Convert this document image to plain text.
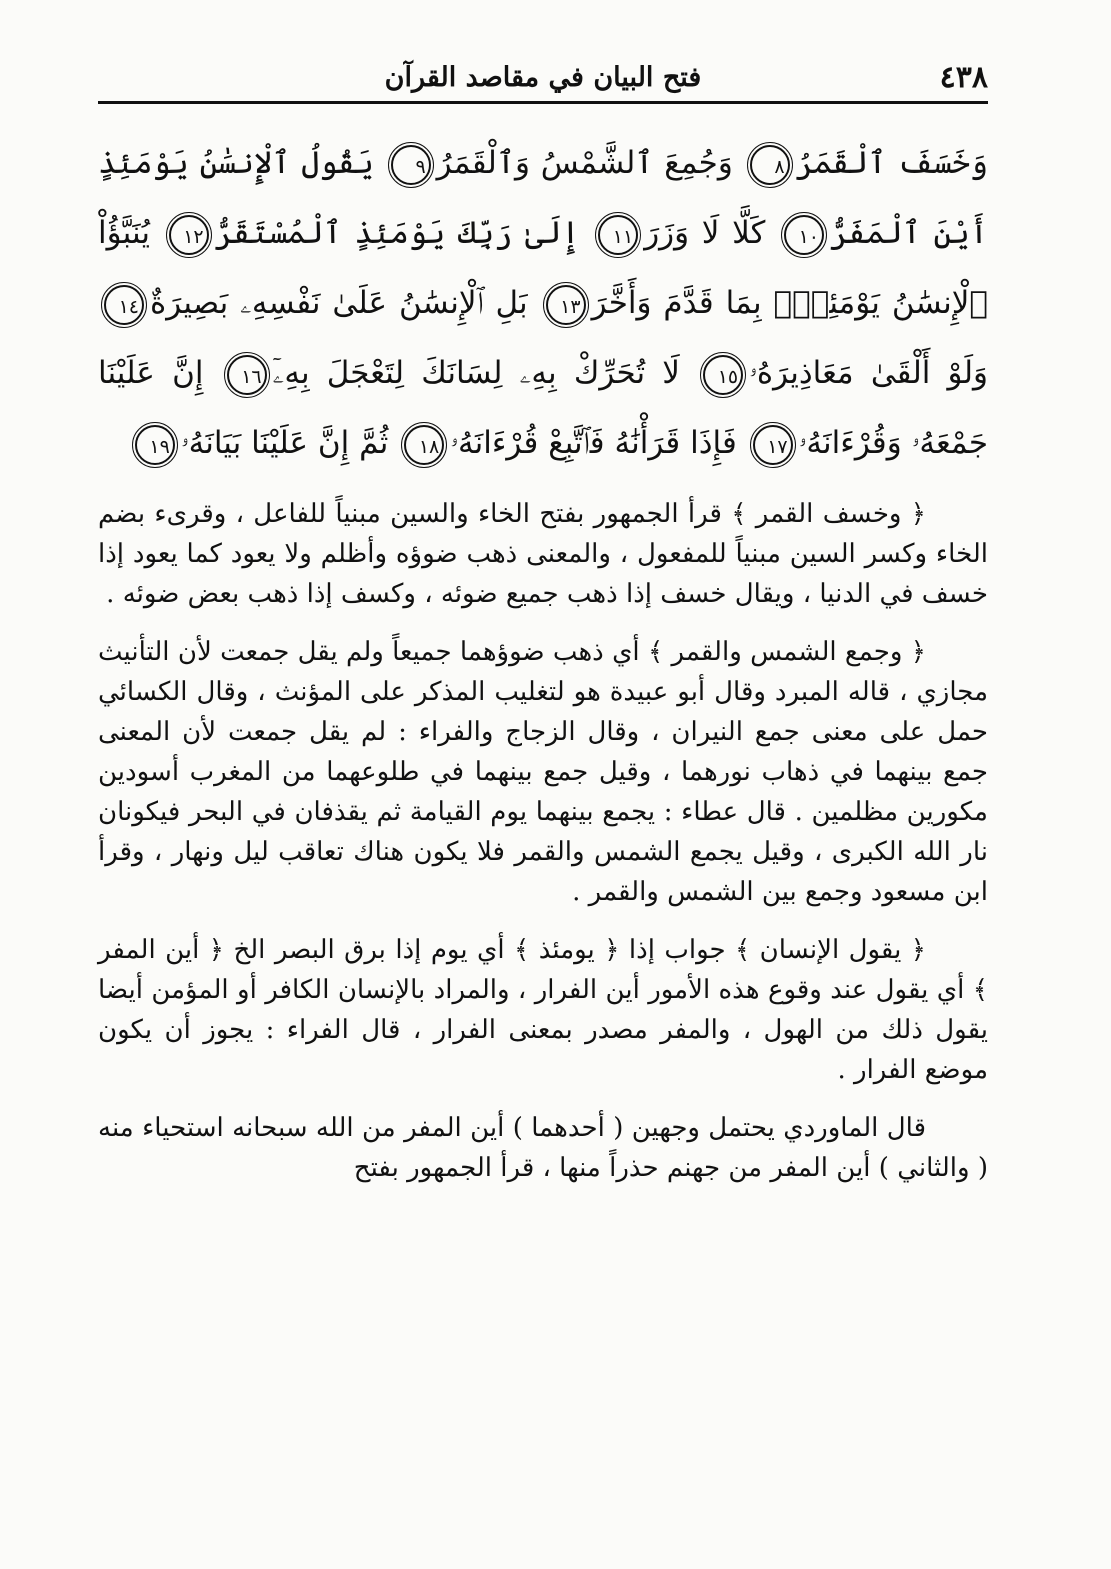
٤٣٨
فتح البيان في مقاصد القرآن
وَخَسَفَ ٱلْقَمَرُ٨ وَجُمِعَ ٱلشَّمْسُ وَٱلْقَمَرُ٩ يَقُولُ ٱلْإِنسَٰنُ يَوْمَئِذٍ أَيْنَ ٱلْمَفَرُّ١٠ كَلَّا لَا وَزَرَ١١ إِلَىٰ رَبِّكَ يَوْمَئِذٍ ٱلْمُسْتَقَرُّ١٢ يُنَبَّؤُاْ ٱلْإِنسَٰنُ يَوْمَئِذٍۭ بِمَا قَدَّمَ وَأَخَّرَ١٣ بَلِ ٱلْإِنسَٰنُ عَلَىٰ نَفْسِهِۦ بَصِيرَةٌ١٤ وَلَوْ أَلْقَىٰ مَعَاذِيرَهُۥ١٥ لَا تُحَرِّكْ بِهِۦ لِسَانَكَ لِتَعْجَلَ بِهِۦٓ١٦ إِنَّ عَلَيْنَا جَمْعَهُۥ وَقُرْءَانَهُۥ١٧ فَإِذَا قَرَأْنَٰهُ فَٱتَّبِعْ قُرْءَانَهُۥ١٨ ثُمَّ إِنَّ عَلَيْنَا بَيَانَهُۥ١٩

﴿ وخسف القمر ﴾ قرأ الجمهور بفتح الخاء والسين مبنياً للفاعل ، وقرىء بضم الخاء وكسر السين مبنياً للمفعول ، والمعنى ذهب ضوؤه وأظلم ولا يعود كما يعود إذا خسف في الدنيا ، ويقال خسف إذا ذهب جميع ضوئه ، وكسف إذا ذهب بعض ضوئه .

﴿ وجمع الشمس والقمر ﴾ أي ذهب ضوؤهما جميعاً ولم يقل جمعت لأن التأنيث مجازي ، قاله المبرد وقال أبو عبيدة هو لتغليب المذكر على المؤنث ، وقال الكسائي حمل على معنى جمع النيران ، وقال الزجاج والفراء : لم يقل جمعت لأن المعنى جمع بينهما في ذهاب نورهما ، وقيل جمع بينهما في طلوعهما من المغرب أسودين مكورين مظلمين . قال عطاء : يجمع بينهما يوم القيامة ثم يقذفان في البحر فيكونان نار الله الكبرى ، وقيل يجمع الشمس والقمر فلا يكون هناك تعاقب ليل ونهار ، وقرأ ابن مسعود وجمع بين الشمس والقمر .

﴿ يقول الإنسان ﴾ جواب إذا ﴿ يومئذ ﴾ أي يوم إذا برق البصر الخ ﴿ أين المفر ﴾ أي يقول عند وقوع هذه الأمور أين الفرار ، والمراد بالإنسان الكافر أو المؤمن أيضا يقول ذلك من الهول ، والمفر مصدر بمعنى الفرار ، قال الفراء : يجوز أن يكون موضع الفرار .

قال الماوردي يحتمل وجهين ( أحدهما ) أين المفر من الله سبحانه استحياء منه ( والثاني ) أين المفر من جهنم حذراً منها ، قرأ الجمهور بفتح
